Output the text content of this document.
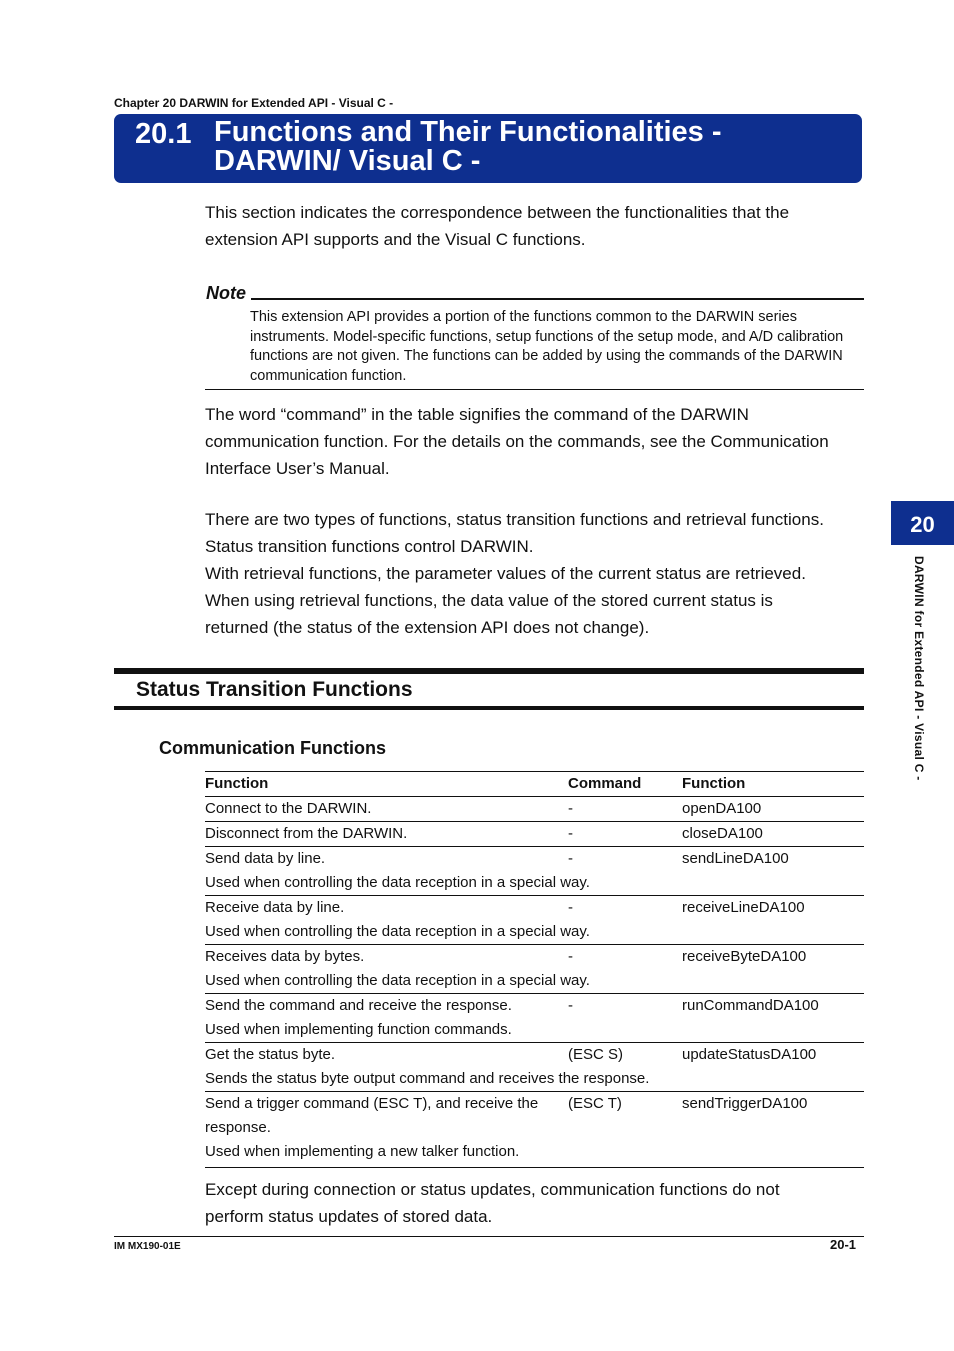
Chapter 20 DARWIN for Extended API - Visual C -
20.1 Functions and Their Functionalities - DARWIN/ Visual C -

This section indicates the correspondence between the functionalities that the extension API supports and the Visual C functions.

Note
This extension API provides a portion of the functions common to the DARWIN series instruments. Model-specific functions, setup functions of the setup mode, and A/D calibration functions are not given. The functions can be added by using the commands of the DARWIN communication function.

The word “command” in the table signifies the command of the DARWIN communication function. For the details on the commands, see the Communication Interface User’s Manual.

There are two types of functions, status transition functions and retrieval functions.

Status transition functions control DARWIN.

With retrieval functions, the parameter values of the current status are retrieved.

When using retrieval functions, the data value of the stored current status is returned (the status of the extension API does not change).

Status Transition Functions
Communication Functions
Function	Command	Function
Connect to the DARWIN.	-	openDA100
Disconnect from the DARWIN.	-	closeDA100
Send data by line.	-	sendLineDA100
Used when controlling the data reception in a special way.		
Receive data by line.	-	receiveLineDA100
Used when controlling the data reception in a special way.		
Receives data by bytes.	-	receiveByteDA100
Used when controlling the data reception in a special way.		
Send the command and receive the response.	-	runCommandDA100
Used when implementing function commands.		
Get the status byte.	(ESC S)	updateStatusDA100
Sends the status byte output command and receives the response.		
Send a trigger command (ESC T), and receive the response.	(ESC T)	sendTriggerDA100
Used when implementing a new talker function.		

Except during connection or status updates, communication functions do not perform status updates of stored data.

20
DARWIN for Extended API - Visual C -
IM MX190-01E	20-1
